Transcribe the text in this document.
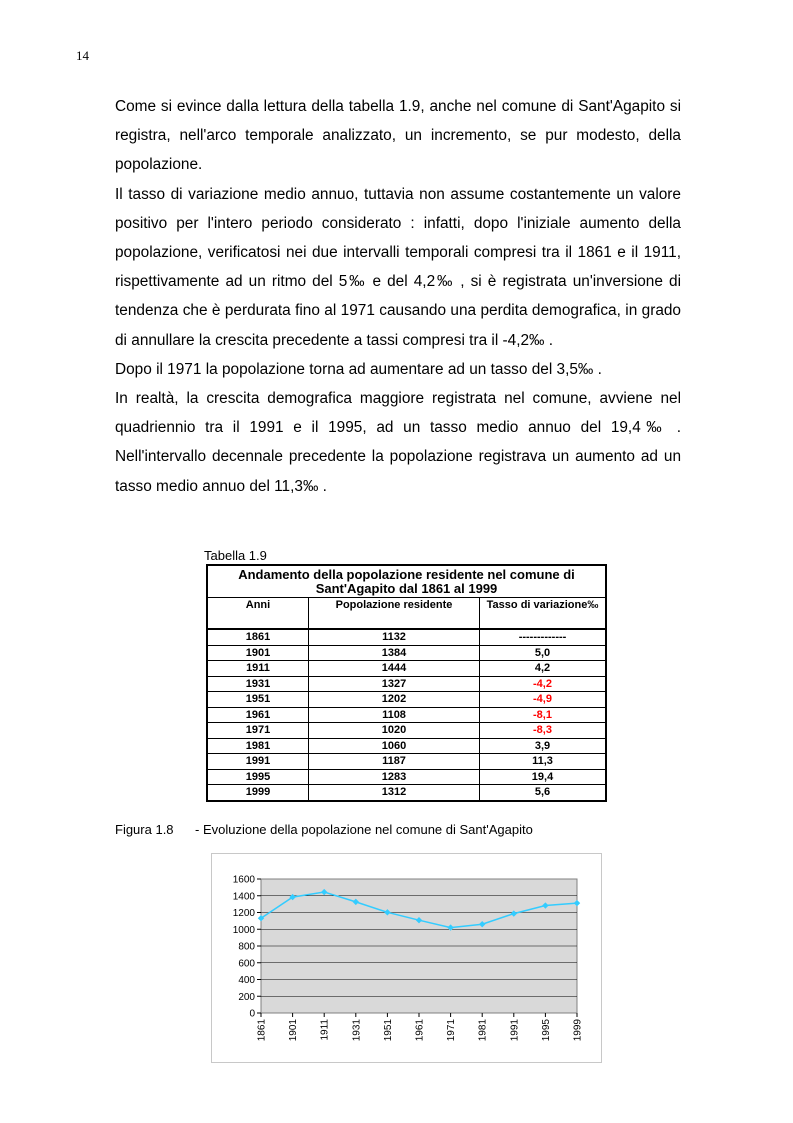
14

Come si evince dalla lettura della tabella 1.9, anche nel comune di Sant'Agapito si registra, nell'arco temporale analizzato, un incremento, se pur modesto, della popolazione.

Il tasso di variazione medio annuo, tuttavia non assume costantemente un valore positivo per l'intero periodo considerato : infatti, dopo l'iniziale aumento della popolazione, verificatosi nei due intervalli temporali compresi tra il 1861 e il 1911, rispettivamente ad un ritmo del 5‰ e del 4,2‰ , si è registrata un'inversione di tendenza che è perdurata fino al 1971 causando una perdita demografica, in grado di annullare la crescita precedente a tassi compresi tra il -4,2‰ .

Dopo il 1971 la popolazione torna ad aumentare ad un tasso del 3,5‰ .

In realtà, la crescita demografica maggiore registrata nel comune, avviene nel quadriennio tra il 1991 e il 1995, ad un tasso medio annuo del 19,4‰ . Nell'intervallo decennale precedente la popolazione registrava un aumento ad un tasso medio annuo del 11,3‰ .

Tabella 1.9
Andamento della popolazione residente nel comune di Sant'Agapito dal 1861 al 1999		
Anni	Popolazione residente	Tasso di variazione‰
1861	1132	-------------
1901	1384	5,0
1911	1444	4,2
1931	1327	-4,2
1951	1202	-4,9
1961	1108	-8,1
1971	1020	-8,3
1981	1060	3,9
1991	1187	11,3
1995	1283	19,4
1999	1312	5,6
Figura 1.8 - Evoluzione della popolazione nel comune di Sant'Agapito
0
200
400
600
800
1000
1200
1400
1600
1861 1901 1911 1931 1951 1961 1971 1981 1991 1995 1999
